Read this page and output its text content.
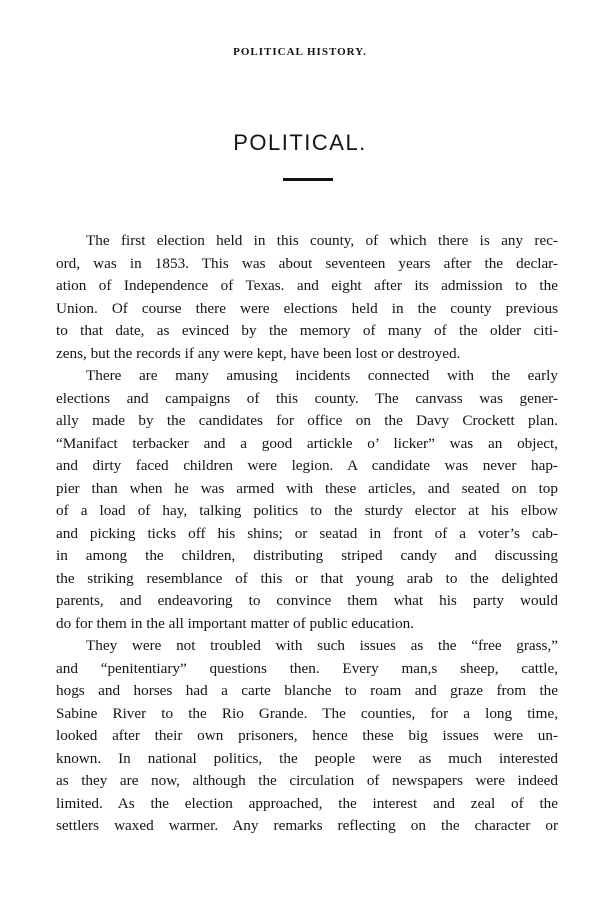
POLITICAL HISTORY.
POLITICAL.
The first election held in this county, of which there is any rec-
ord, was in 1853. This was about seventeen years after the declar-
ation of Independence of Texas. and eight after its admission to the
Union. Of course there were elections held in the county previous
to that date, as evinced by the memory of many of the older citi-
zens, but the records if any were kept, have been lost or destroyed.
There are many amusing incidents connected with the early
elections and campaigns of this county. The canvass was gener-
ally made by the candidates for office on the Davy Crockett plan.
“Manifact terbacker and a good artickle o’ licker” was an object,
and dirty faced children were legion. A candidate was never hap-
pier than when he was armed with these articles, and seated on top
of a load of hay, talking politics to the sturdy elector at his elbow
and picking ticks off his shins; or seatad in front of a voter’s cab-
in among the children, distributing striped candy and discussing
the striking resemblance of this or that young arab to the delighted
parents, and endeavoring to convince them what his party would
do for them in the all important matter of public education.
They were not troubled with such issues as the “free grass,”
and “penitentiary” questions then. Every man,s sheep, cattle,
hogs and horses had a carte blanche to roam and graze from the
Sabine River to the Rio Grande. The counties, for a long time,
looked after their own prisoners, hence these big issues were un-
known. In national politics, the people were as much interested
as they are now, although the circulation of newspapers were indeed
limited. As the election approached, the interest and zeal of the
settlers waxed warmer. Any remarks reflecting on the character or
